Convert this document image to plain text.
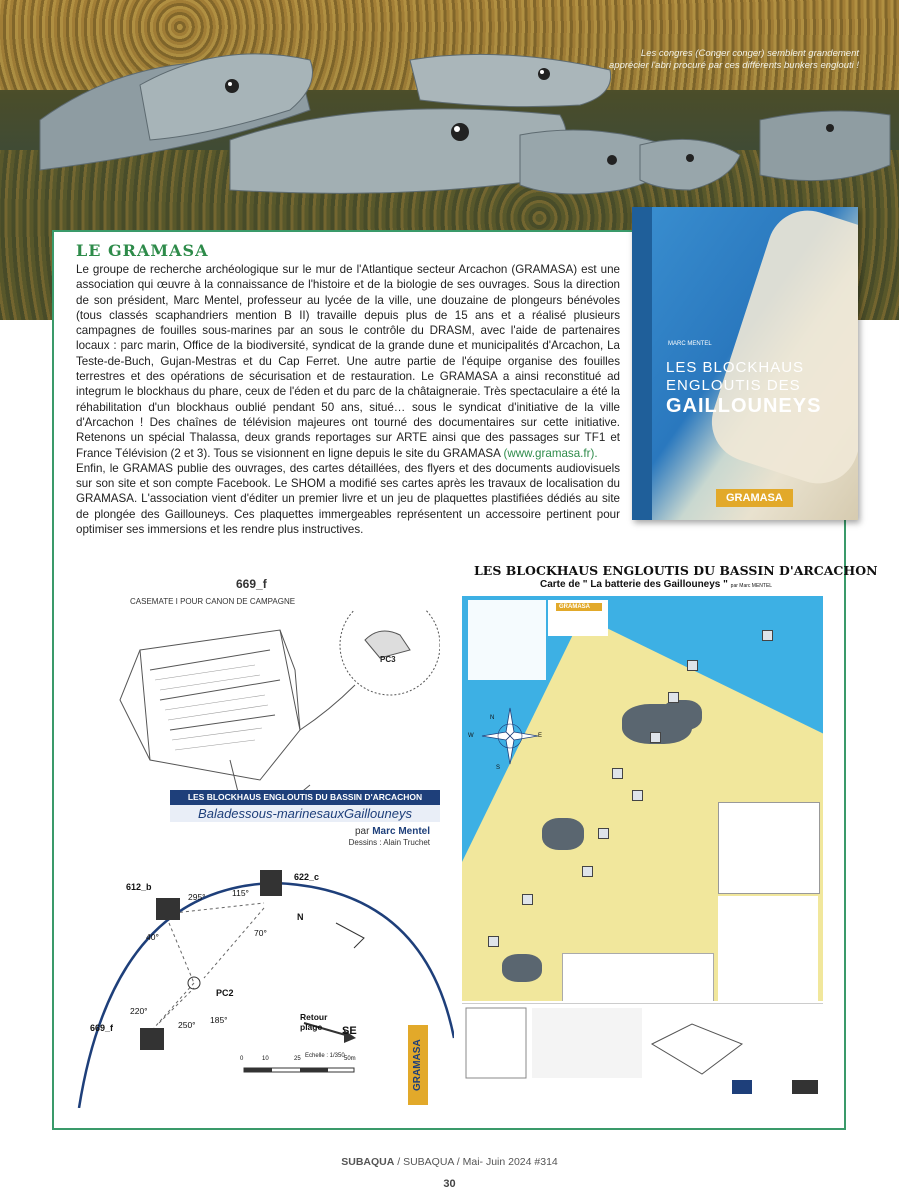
Les congres (Conger conger) semblent grandement apprécier l'abri procuré par ces différents bunkers englouti !
LE GRAMASA

Le groupe de recherche archéologique sur le mur de l'Atlantique secteur Arcachon (GRAMASA) est une association qui œuvre à la connaissance de l'histoire et de la biologie de ses ouvrages. Sous la direction de son président, Marc Mentel, professeur au lycée de la ville, une douzaine de plongeurs bénévoles (tous classés scaphandriers mention B II) travaille depuis plus de 15 ans et a réalisé plusieurs campagnes de fouilles sous-marines par an sous le contrôle du DRASM, avec l'aide de partenaires locaux : parc marin, Office de la biodiversité, syndicat de la grande dune et municipalités d'Arcachon, La Teste-de-Buch, Gujan-Mestras et du Cap Ferret. Une autre partie de l'équipe organise des fouilles terrestres et des opérations de sécurisation et de restauration. Le GRAMASA a ainsi reconstitué ad integrum le blockhaus du phare, ceux de l'éden et du parc de la châtaigneraie. Très spectaculaire a été la réhabilitation d'un blockhaus oublié pendant 50 ans, situé… sous le syndicat d'initiative de la ville d'Arcachon ! Des chaînes de télévision majeures ont tourné des documentaires sur cette initiative. Retenons un spécial Thalassa, deux grands reportages sur ARTE ainsi que des passages sur TF1 et France Télévision (2 et 3). Tous se visionnent en ligne depuis le site du GRAMASA (www.gramasa.fr).

Enfin, le GRAMAS publie des ouvrages, des cartes détaillées, des flyers et des documents audiovisuels sur son site et son compte Facebook. Le SHOM a modifié ses cartes après les travaux de localisation du GRAMASA. L'association vient d'éditer un premier livre et un jeu de plaquettes plastifiées dédiés au site de plongée des Gaillouneys. Ces plaquettes immergeables représentent un accessoire pertinent pour optimiser ses immersions et les rendre plus instructives.

MARC MENTEL
LES BLOCKHAUS
ENGLOUTIS DES
GAILLOUNEYS
GRAMASA
669_f
CASEMATE I POUR CANON DE CAMPAGNE
PC3
LES BLOCKHAUS ENGLOUTIS DU BASSIN D'ARCACHON
Baladessous-marinesauxGaillouneys
par Marc Mentel
Dessins : Alain Truchet
612_b
622_c
669_f
PC2
N
SE
295°	115°
40°	70°
220°
250° 185°	Retour plage
Echelle : 1/350
0	10	25	50m	GRAMASA
LES BLOCKHAUS ENGLOUTIS DU BASSIN D'ARCACHON
Carte de " La batterie des Gaillouneys " par Marc MENTEL
GRAMASA
N
E
S
W
SUBAQUA / SUBAQUA / Mai- Juin 2024 #314
30
